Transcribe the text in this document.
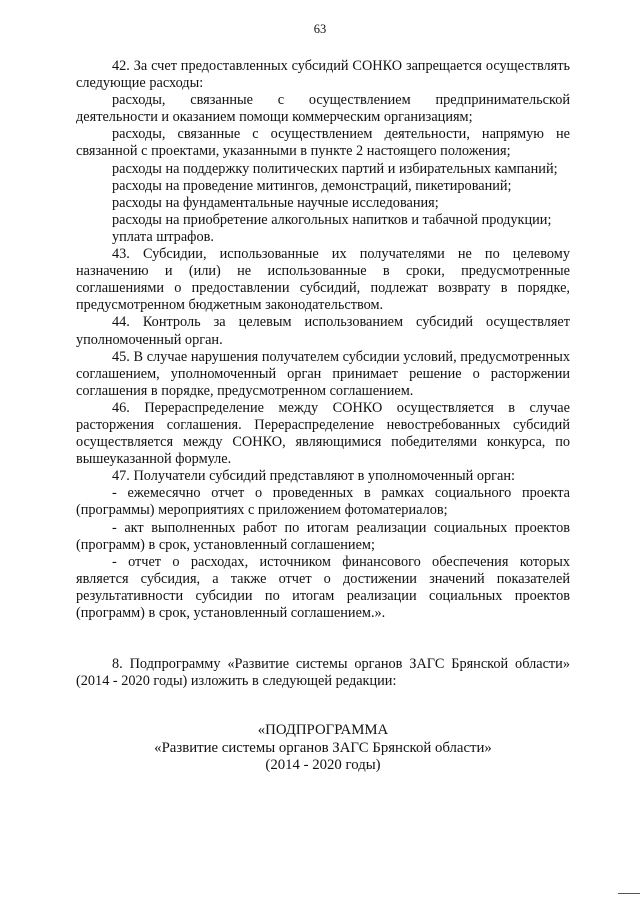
63

42. За счет предоставленных субсидий СОНКО запрещается осуществлять следующие расходы:

расходы, связанные с осуществлением предпринимательской деятельности и оказанием помощи коммерческим организациям;

расходы, связанные с осуществлением деятельности, напрямую не связанной с проектами, указанными в пункте 2 настоящего положения;

расходы на поддержку политических партий и избирательных кампаний;

расходы на проведение митингов, демонстраций, пикетирований;

расходы на фундаментальные научные исследования;

расходы на приобретение алкогольных напитков и табачной продукции;

уплата штрафов.

43. Субсидии, использованные их получателями не по целевому назначению и (или) не использованные в сроки, предусмотренные соглашениями о предоставлении субсидий, подлежат возврату в порядке, предусмотренном бюджетным законодательством.

44. Контроль за целевым использованием субсидий осуществляет уполномоченный орган.

45. В случае нарушения получателем субсидии условий, предусмотренных соглашением, уполномоченный орган принимает решение о расторжении соглашения в порядке, предусмотренном соглашением.

46. Перераспределение между СОНКО осуществляется в случае расторжения соглашения. Перераспределение невостребованных субсидий осуществляется между СОНКО, являющимися победителями конкурса, по вышеуказанной формуле.

47. Получатели субсидий представляют в уполномоченный орган:

- ежемесячно отчет о проведенных в рамках социального проекта (программы) мероприятиях с приложением фотоматериалов;

- акт выполненных работ по итогам реализации социальных проектов (программ) в срок, установленный соглашением;

- отчет о расходах, источником финансового обеспечения которых является субсидия, а также отчет о достижении значений показателей результативности субсидии по итогам реализации социальных проектов (программ) в срок, установленный соглашением.».

8. Подпрограмму «Развитие системы органов ЗАГС Брянской области» (2014 - 2020 годы) изложить в следующей редакции:

«ПОДПРОГРАММА

«Развитие системы органов ЗАГС Брянской области»

(2014 - 2020 годы)
